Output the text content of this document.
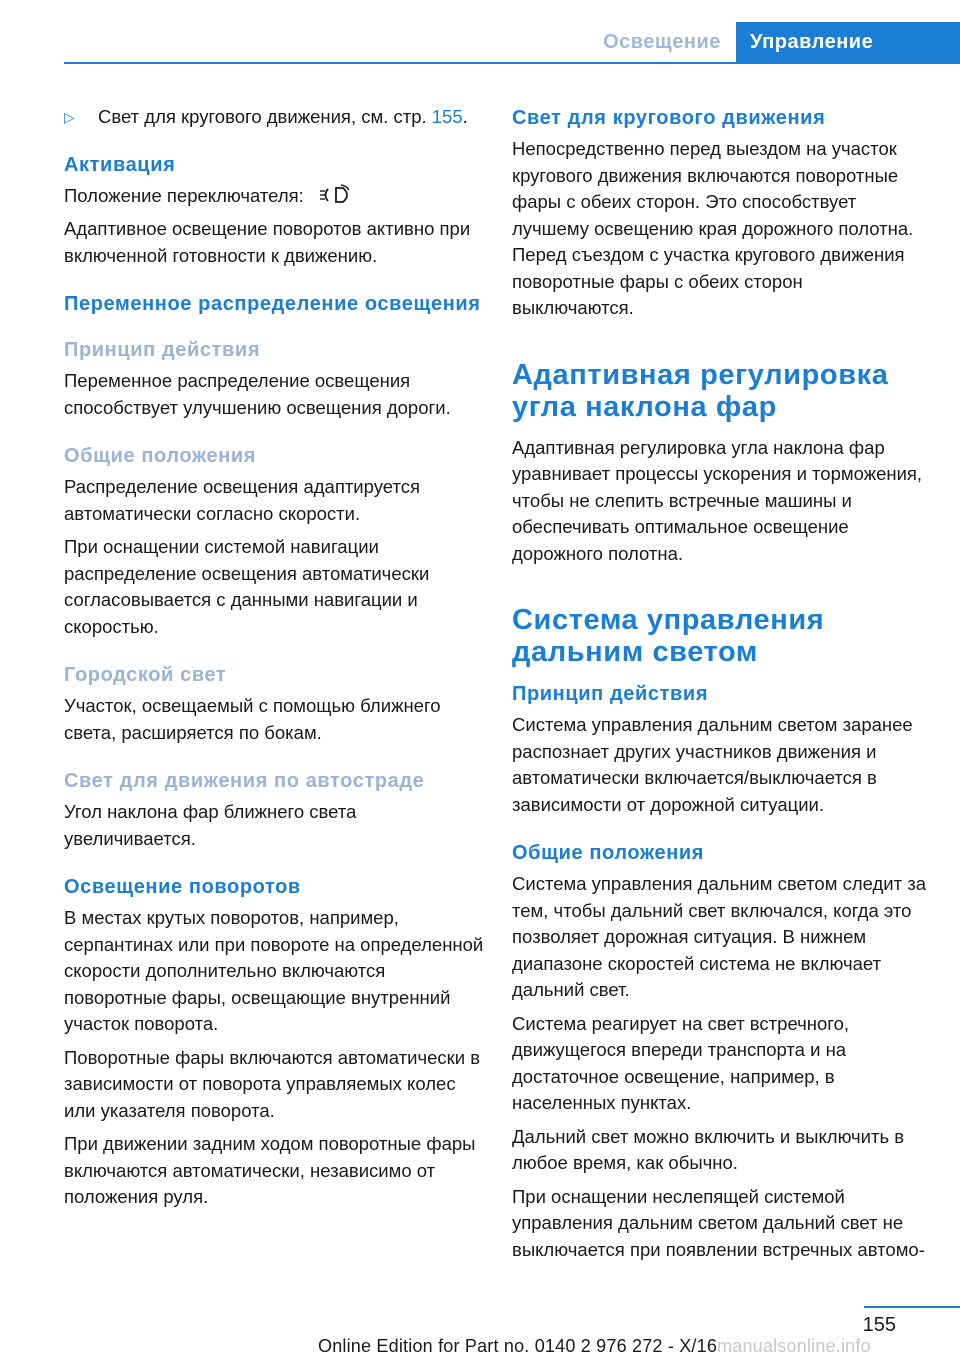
Освещение	Управление

▷ Свет для кругового движения, см. стр. 155.

Активация

Положение переключателя:

Адаптивное освещение поворотов активно при включенной готовности к движению.

Переменное распределение освещения
Принцип действия

Переменное распределение освещения способствует улучшению освещения дороги.

Общие положения

Распределение освещения адаптируется автоматически согласно скорости.

При оснащении системой навигации распределение освещения автоматически согласовывается с данными навигации и скоростью.

Городской свет

Участок, освещаемый с помощью ближнего света, расширяется по бокам.

Свет для движения по автостраде

Угол наклона фар ближнего света увеличивается.

Освещение поворотов

В местах крутых поворотов, например, серпантинах или при повороте на определенной скорости дополнительно включаются поворотные фары, освещающие внутренний участок поворота.

Поворотные фары включаются автоматически в зависимости от поворота управляемых колес или указателя поворота.

При движении задним ходом поворотные фары включаются автоматически, независимо от положения руля.

Свет для кругового движения

Непосредственно перед выездом на участок кругового движения включаются поворотные фары с обеих сторон. Это способствует лучшему освещению края дорожного полотна. Перед съездом с участка кругового движения поворотные фары с обеих сторон выключаются.

Адаптивная регулировка угла наклона фар

Адаптивная регулировка угла наклона фар уравнивает процессы ускорения и торможения, чтобы не слепить встречные машины и обеспечивать оптимальное освещение дорожного полотна.

Система управления дальним светом
Принцип действия

Система управления дальним светом заранее распознает других участников движения и автоматически включается/выключается в зависимости от дорожной ситуации.

Общие положения

Система управления дальним светом следит за тем, чтобы дальний свет включался, когда это позволяет дорожная ситуация. В нижнем диапазоне скоростей система не включает дальний свет.

Система реагирует на свет встречного, движущегося впереди транспорта и на достаточное освещение, например, в населенных пунктах.

Дальний свет можно включить и выключить в любое время, как обычно.

При оснащении неслепящей системой управления дальним светом дальний свет не выключается при появлении встречных автомо-

155
Online Edition for Part no. 0140 2 976 272 - X/16manualsonline.info
